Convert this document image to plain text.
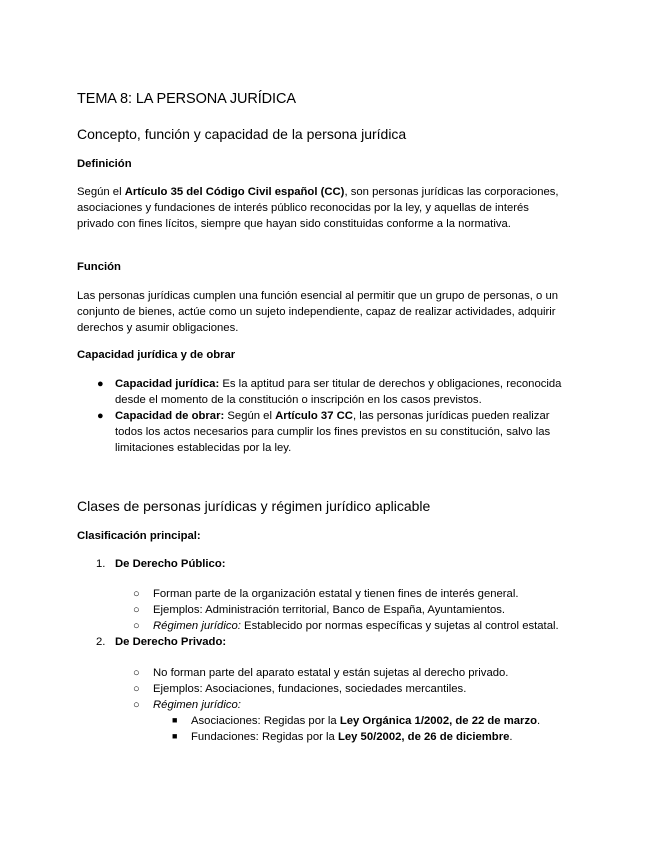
TEMA 8: LA PERSONA JURÍDICA
Concepto, función y capacidad de la persona jurídica
Definición

Según el Artículo 35 del Código Civil español (CC), son personas jurídicas las corporaciones, asociaciones y fundaciones de interés público reconocidas por la ley, y aquellas de interés privado con fines lícitos, siempre que hayan sido constituidas conforme a la normativa.

Función

Las personas jurídicas cumplen una función esencial al permitir que un grupo de personas, o un conjunto de bienes, actúe como un sujeto independiente, capaz de realizar actividades, adquirir derechos y asumir obligaciones.

Capacidad jurídica y de obrar
● Capacidad jurídica: Es la aptitud para ser titular de derechos y obligaciones, reconocida desde el momento de la constitución o inscripción en los casos previstos.
● Capacidad de obrar: Según el Artículo 37 CC, las personas jurídicas pueden realizar todos los actos necesarios para cumplir los fines previstos en su constitución, salvo las limitaciones establecidas por la ley.
Clases de personas jurídicas y régimen jurídico aplicable
Clasificación principal:
1. De Derecho Público:
○ Forman parte de la organización estatal y tienen fines de interés general.
○ Ejemplos: Administración territorial, Banco de España, Ayuntamientos.
○ Régimen jurídico: Establecido por normas específicas y sujetas al control estatal.
2. De Derecho Privado:
○ No forman parte del aparato estatal y están sujetas al derecho privado.
○ Ejemplos: Asociaciones, fundaciones, sociedades mercantiles.
○ Régimen jurídico:
■ Asociaciones: Regidas por la Ley Orgánica 1/2002, de 22 de marzo.
■ Fundaciones: Regidas por la Ley 50/2002, de 26 de diciembre.
